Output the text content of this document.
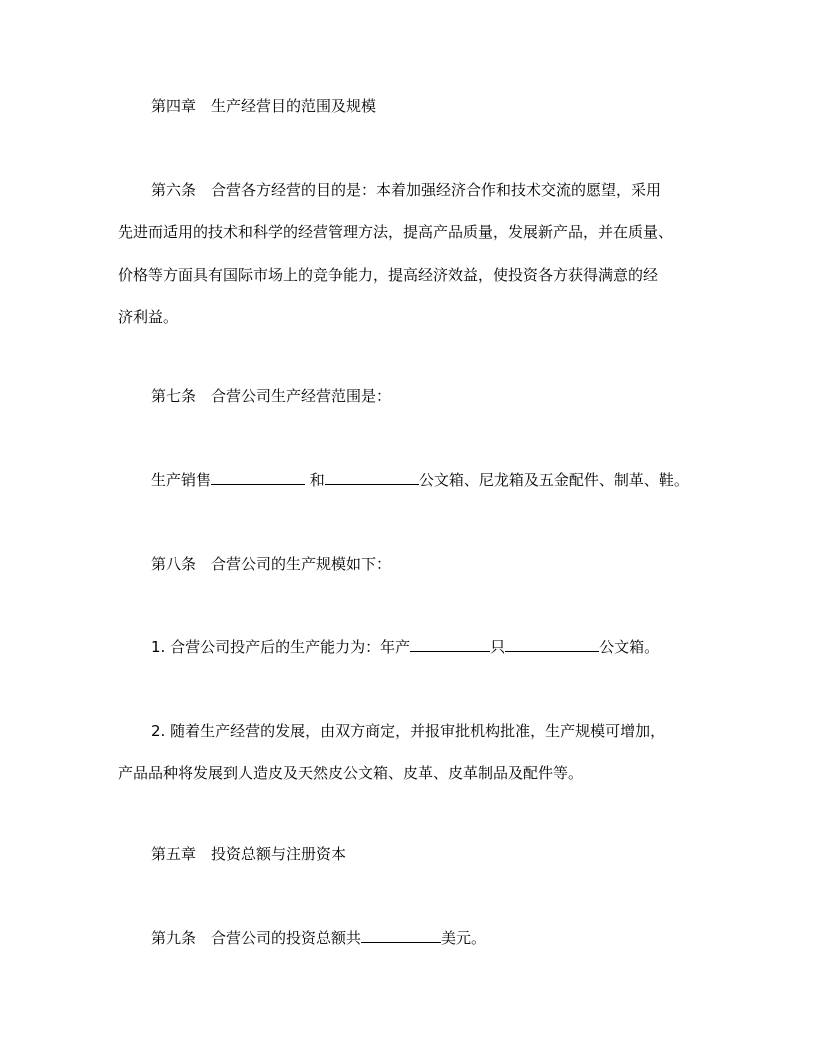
第四章 生产经营目的范围及规模
第六条 合营各方经营的目的是：本着加强经济合作和技术交流的愿望，采用
先进而适用的技术和科学的经营管理方法，提高产品质量，发展新产品，并在质量、
价格等方面具有国际市场上的竞争能力，提高经济效益，使投资各方获得满意的经
济利益。
第七条 合营公司生产经营范围是：
生产销售	和	公文箱、尼龙箱及五金配件、制革、鞋。
第八条 合营公司的生产规模如下：
1. 合营公司投产后的生产能力为：年产	只	公文箱。
2. 随着生产经营的发展，由双方商定，并报审批机构批准，生产规模可增加，
产品品种将发展到人造皮及天然皮公文箱、皮革、皮革制品及配件等。
第五章 投资总额与注册资本
第九条 合营公司的投资总额共	美元。
